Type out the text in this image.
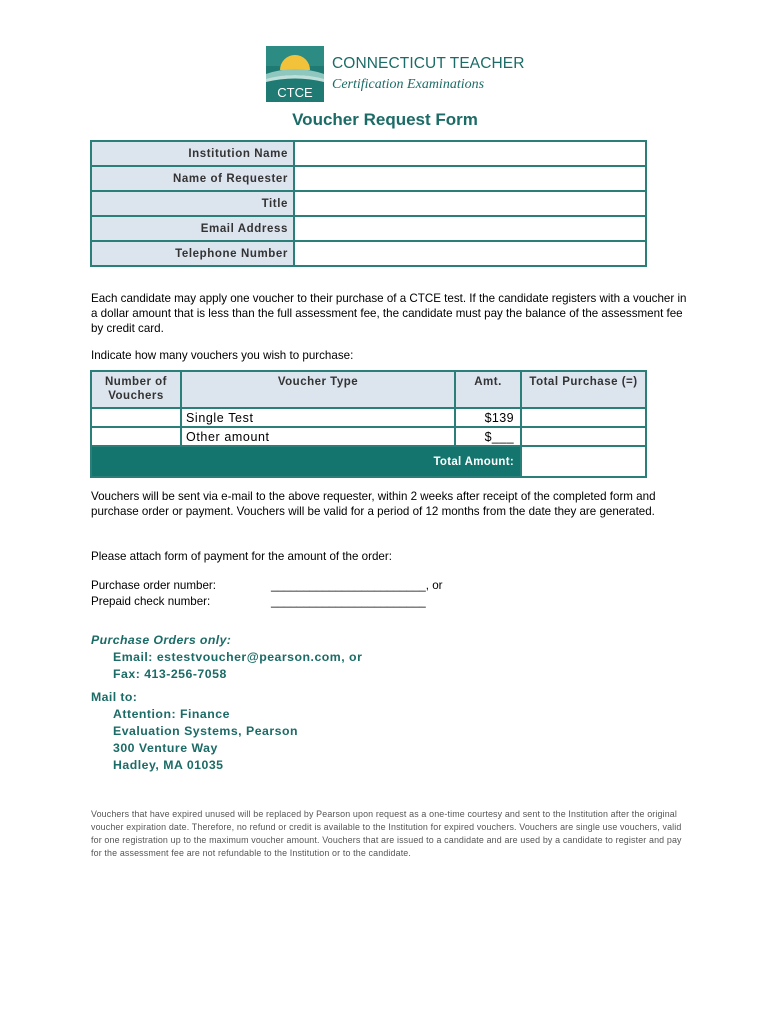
CTCE
CONNECTICUT TEACHER
Certification Examinations
Voucher Request Form
Institution Name	
Name of Requester	
Title	
Email Address	
Telephone Number	
Each candidate may apply one voucher to their purchase of a CTCE test. If the candidate registers with a voucher in a dollar amount that is less than the full assessment fee, the candidate must pay the balance of the assessment fee by credit card.
Indicate how many vouchers you wish to purchase:
Number of Vouchers	Voucher Type	Amt.	Total Purchase (=)
	Single Test	$139	
	Other amount	$___	
Total Amount:			
Vouchers will be sent via e-mail to the above requester, within 2 weeks after receipt of the completed form and purchase order or payment. Vouchers will be valid for a period of 12 months from the date they are generated.
Please attach form of payment for the amount of the order:
Purchase order number:	________________________, or
Prepaid check number:	________________________
Purchase Orders only:
Email: estestvoucher@pearson.com, or
Fax: 413-256-7058
Mail to:
Attention: Finance
Evaluation Systems, Pearson
300 Venture Way
Hadley, MA 01035
Vouchers that have expired unused will be replaced by Pearson upon request as a one-time courtesy and sent to the Institution after the original voucher expiration date. Therefore, no refund or credit is available to the Institution for expired vouchers. Vouchers are single use vouchers, valid for one registration up to the maximum voucher amount. Vouchers that are issued to a candidate and are used by a candidate to register and pay for the assessment fee are not refundable to the Institution or to the candidate.
